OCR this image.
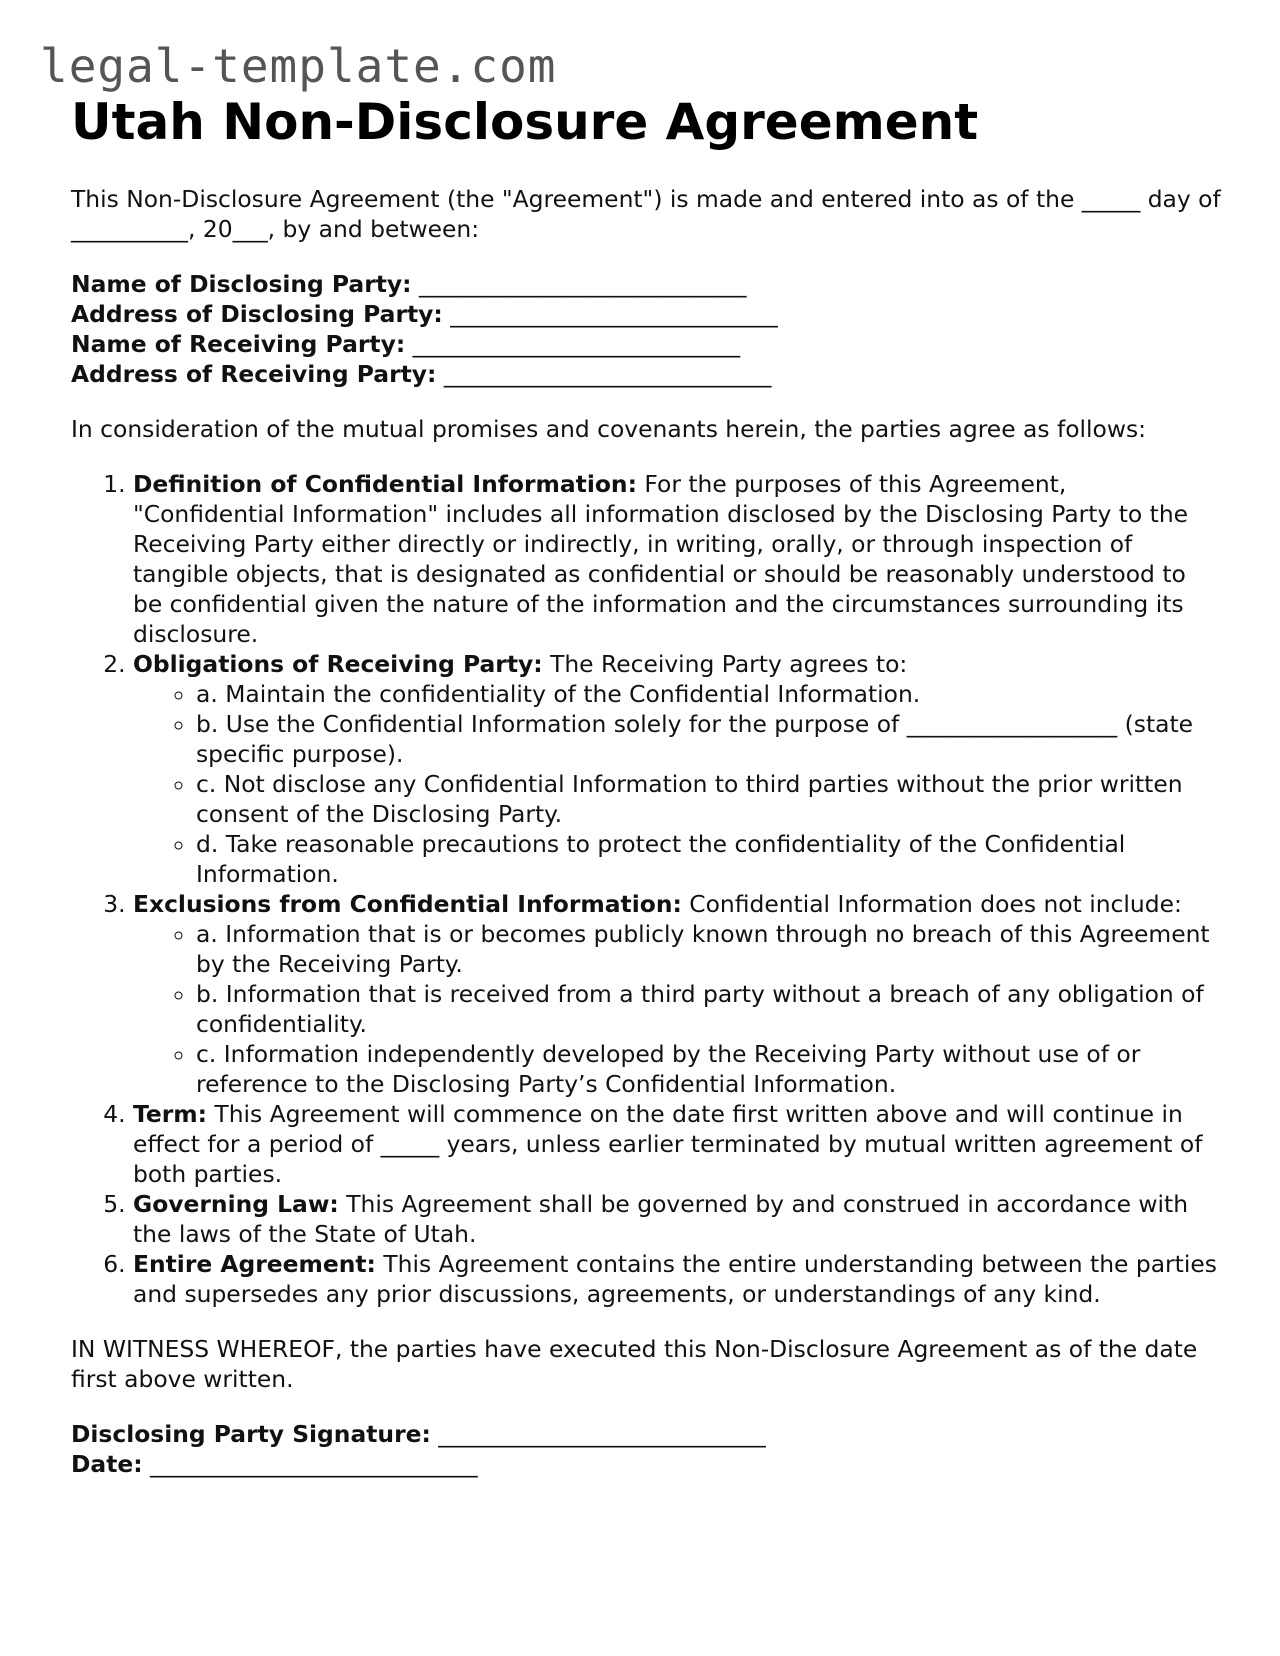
legal-template.com
Utah Non-Disclosure Agreement

This Non-Disclosure Agreement (the "Agreement") is made and entered into as of the _____ day of __________, 20___, by and between:

Name of Disclosing Party: ____________________________
Address of Disclosing Party: ____________________________
Name of Receiving Party: ____________________________
Address of Receiving Party: ____________________________

In consideration of the mutual promises and covenants herein, the parties agree as follows:

1. Definition of Confidential Information: For the purposes of this Agreement, "Confidential Information" includes all information disclosed by the Disclosing Party to the Receiving Party either directly or indirectly, in writing, orally, or through inspection of tangible objects, that is designated as confidential or should be reasonably understood to be confidential given the nature of the information and the circumstances surrounding its disclosure.
2. Obligations of Receiving Party: The Receiving Party agrees to:
◦ a. Maintain the confidentiality of the Confidential Information.
◦ b. Use the Confidential Information solely for the purpose of __________________ (state specific purpose).
◦ c. Not disclose any Confidential Information to third parties without the prior written consent of the Disclosing Party.
◦ d. Take reasonable precautions to protect the confidentiality of the Confidential Information.
3. Exclusions from Confidential Information: Confidential Information does not include:
◦ a. Information that is or becomes publicly known through no breach of this Agreement by the Receiving Party.
◦ b. Information that is received from a third party without a breach of any obligation of confidentiality.
◦ c. Information independently developed by the Receiving Party without use of or reference to the Disclosing Party’s Confidential Information.
4. Term: This Agreement will commence on the date first written above and will continue in effect for a period of _____ years, unless earlier terminated by mutual written agreement of both parties.
5. Governing Law: This Agreement shall be governed by and construed in accordance with the laws of the State of Utah.
6. Entire Agreement: This Agreement contains the entire understanding between the parties and supersedes any prior discussions, agreements, or understandings of any kind.

IN WITNESS WHEREOF, the parties have executed this Non-Disclosure Agreement as of the date first above written.

Disclosing Party Signature: ____________________________
Date: ____________________________
